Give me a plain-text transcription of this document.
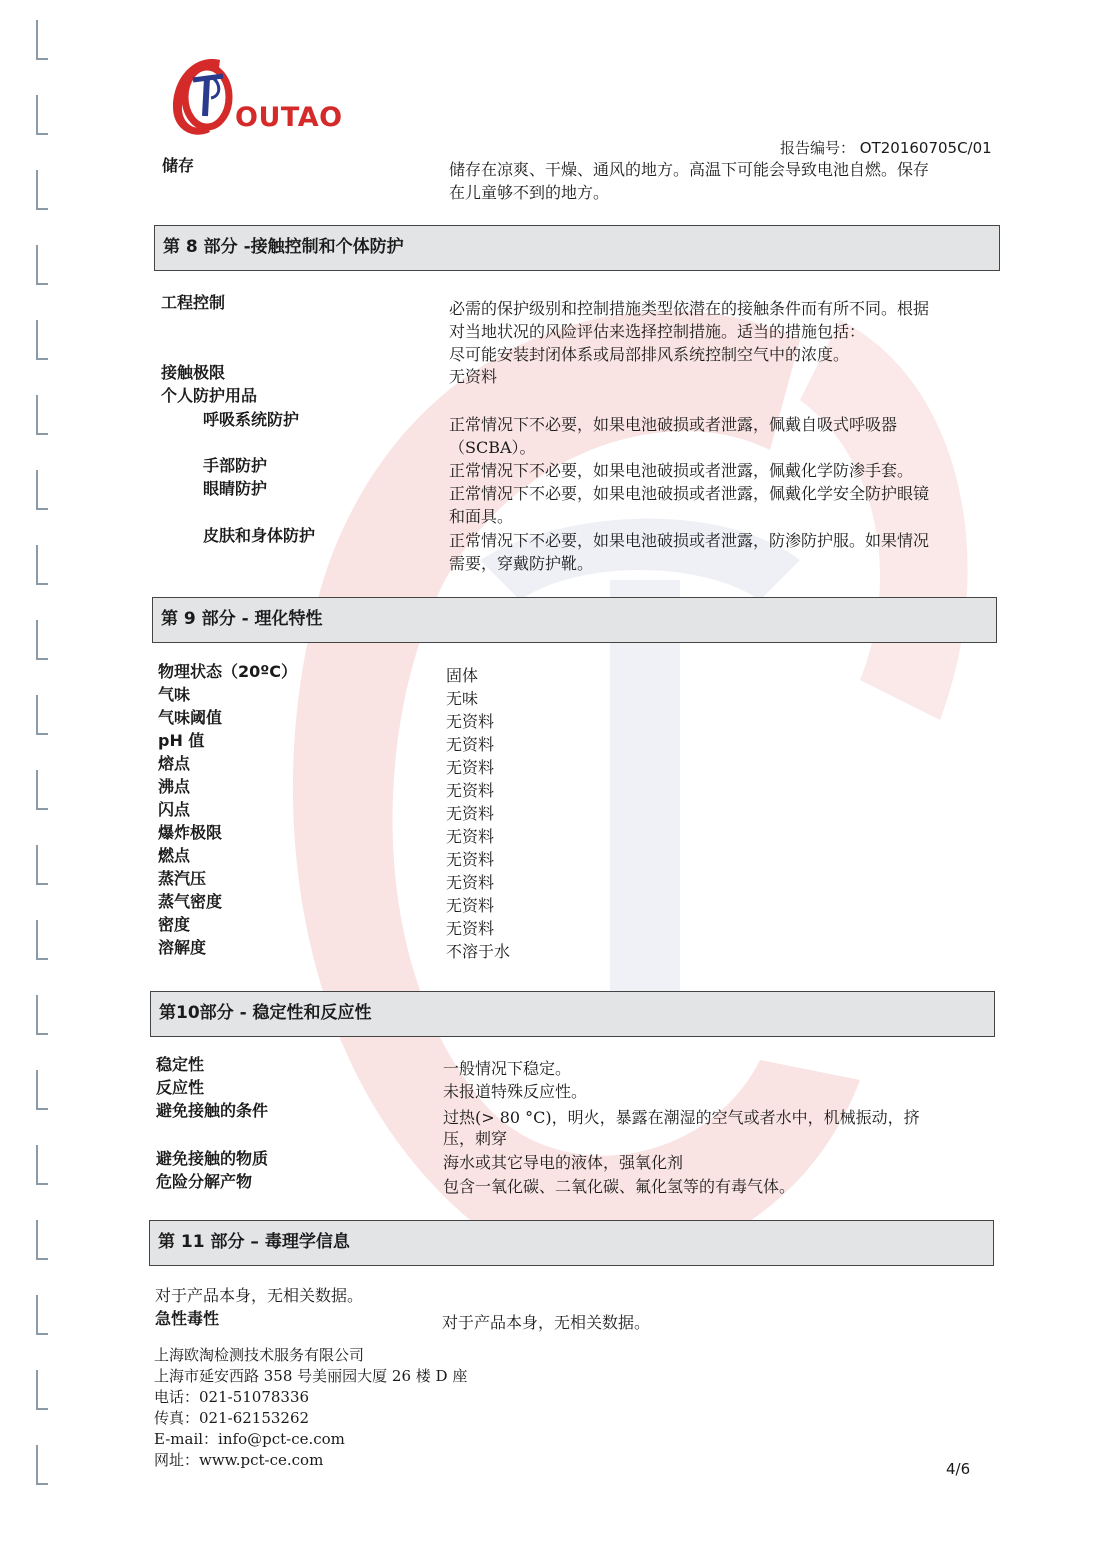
OUTAO
报告编号： OT20160705C/01
储存	储存在凉爽、干燥、通风的地方。高温下可能会导致电池自燃。保存
在儿童够不到的地方。
第 8 部分 -接触控制和个体防护
工程控制	必需的保护级别和控制措施类型依潜在的接触条件而有所不同。根据
对当地状况的风险评估来选择控制措施。适当的措施包括：
尽可能安装封闭体系或局部排风系统控制空气中的浓度。
接触极限	无资料
个人防护用品
呼吸系统防护	正常情况下不必要，如果电池破损或者泄露，佩戴自吸式呼吸器
（SCBA）。
手部防护	正常情况下不必要，如果电池破损或者泄露，佩戴化学防渗手套。
眼睛防护	正常情况下不必要，如果电池破损或者泄露，佩戴化学安全防护眼镜
和面具。
皮肤和身体防护	正常情况下不必要，如果电池破损或者泄露，防渗防护服。如果情况
需要，穿戴防护靴。
第 9 部分 - 理化特性
物理状态（20ºC）	固体
气味	无味
气味阈值	无资料
pH 值	无资料
熔点	无资料
沸点	无资料
闪点	无资料
爆炸极限	无资料
燃点	无资料
蒸汽压	无资料
蒸气密度	无资料
密度	无资料
溶解度	不溶于水
第10部分 - 稳定性和反应性
稳定性	一般情况下稳定。
反应性	未报道特殊反应性。
避免接触的条件	过热(> 80 °C)，明火，暴露在潮湿的空气或者水中，机械振动，挤
压，刺穿
避免接触的物质	海水或其它导电的液体，强氧化剂
危险分解产物	包含一氧化碳、二氧化碳、氟化氢等的有毒气体。
第 11 部分 – 毒理学信息
对于产品本身，无相关数据。
急性毒性	对于产品本身，无相关数据。
上海欧淘检测技术服务有限公司
上海市延安西路 358 号美丽园大厦 26 楼 D 座
电话：021-51078336
传真：021-62153262
E-mail：info@pct-ce.com
网址：www.pct-ce.com	4/6
